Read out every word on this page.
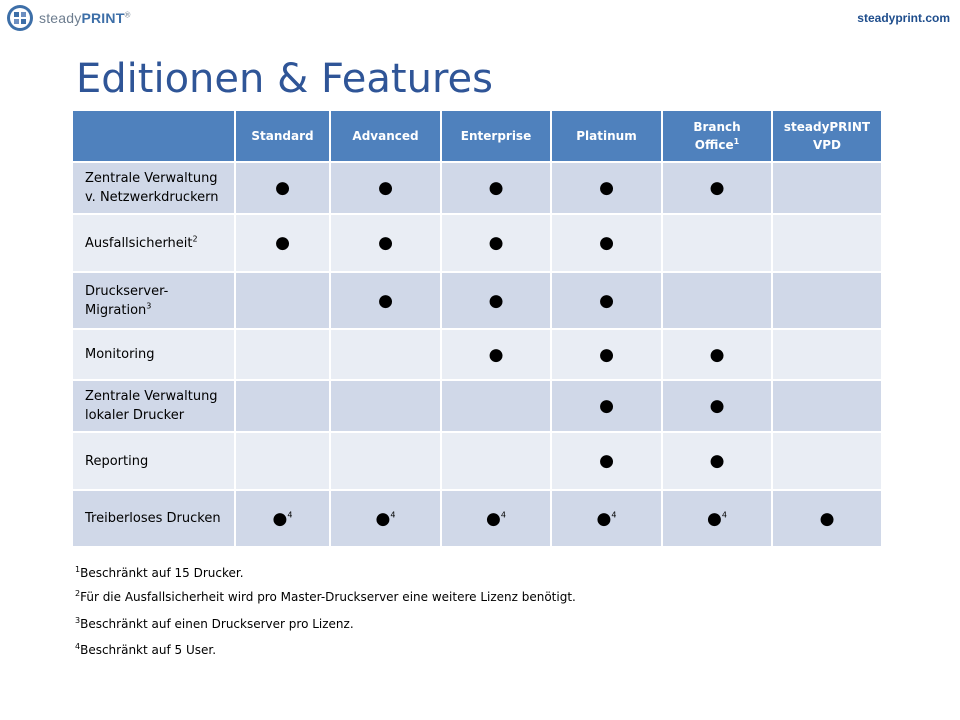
steadyPRINT®	steadyprint.com
Editionen & Features
	Standard	Advanced	Enterprise	Platinum	Branch Office$^1$	steadyPRINT VPD
Zentrale Verwaltung v. Netzwerkdruckern	●	●	●	●	●	
Ausfallsicherheit$^2$	●	●	●	●		
Druckserver-Migration$^3$		●	●	●		
Monitoring			●	●	●	
Zentrale Verwaltung lokaler Drucker				●	●	
Reporting				●	●	
Treiberloses Drucken	●$^4$	●$^4$	●$^4$	●$^4$	●$^4$	●
$^1$Beschränkt auf 15 Drucker.
$^2$Für die Ausfallsicherheit wird pro Master-Druckserver eine weitere Lizenz benötigt.
$^3$Beschränkt auf einen Druckserver pro Lizenz.
$^4$Beschränkt auf 5 User.
